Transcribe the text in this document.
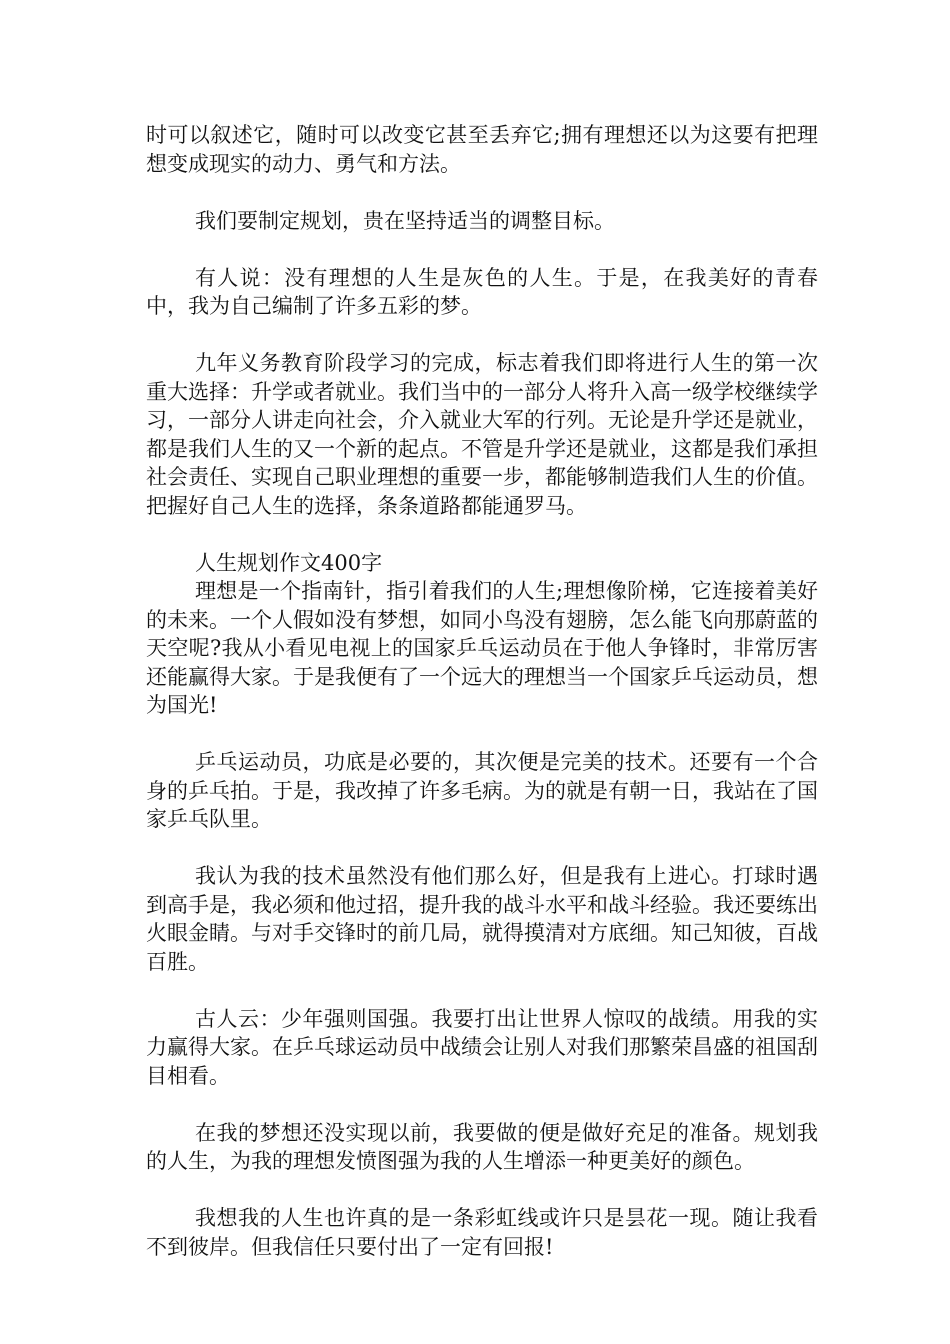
时可以叙述它，随时可以改变它甚至丢弃它;拥有理想还以为这要有把理想变成现实的动力、勇气和方法。

我们要制定规划，贵在坚持适当的调整目标。

有人说：没有理想的人生是灰色的人生。于是，在我美好的青春中，我为自己编制了许多五彩的梦。

九年义务教育阶段学习的完成，标志着我们即将进行人生的第一次重大选择：升学或者就业。我们当中的一部分人将升入高一级学校继续学习，一部分人讲走向社会，介入就业大军的行列。无论是升学还是就业，都是我们人生的又一个新的起点。不管是升学还是就业，这都是我们承担社会责任、实现自己职业理想的重要一步，都能够制造我们人生的价值。把握好自己人生的选择，条条道路都能通罗马。

人生规划作文400字

理想是一个指南针，指引着我们的人生;理想像阶梯，它连接着美好的未来。一个人假如没有梦想，如同小鸟没有翅膀，怎么能飞向那蔚蓝的天空呢?我从小看见电视上的国家乒乓运动员在于他人争锋时，非常厉害还能赢得大家。于是我便有了一个远大的理想当一个国家乒乓运动员，想为国光!

乒乓运动员，功底是必要的，其次便是完美的技术。还要有一个合身的乒乓拍。于是，我改掉了许多毛病。为的就是有朝一日，我站在了国家乒乓队里。

我认为我的技术虽然没有他们那么好，但是我有上进心。打球时遇到高手是，我必须和他过招，提升我的战斗水平和战斗经验。我还要练出火眼金睛。与对手交锋时的前几局，就得摸清对方底细。知己知彼，百战百胜。

古人云：少年强则国强。我要打出让世界人惊叹的战绩。用我的实力赢得大家。在乒乓球运动员中战绩会让别人对我们那繁荣昌盛的祖国刮目相看。

在我的梦想还没实现以前，我要做的便是做好充足的准备。规划我的人生，为我的理想发愤图强为我的人生增添一种更美好的颜色。

我想我的人生也许真的是一条彩虹线或许只是昙花一现。随让我看不到彼岸。但我信任只要付出了一定有回报!
